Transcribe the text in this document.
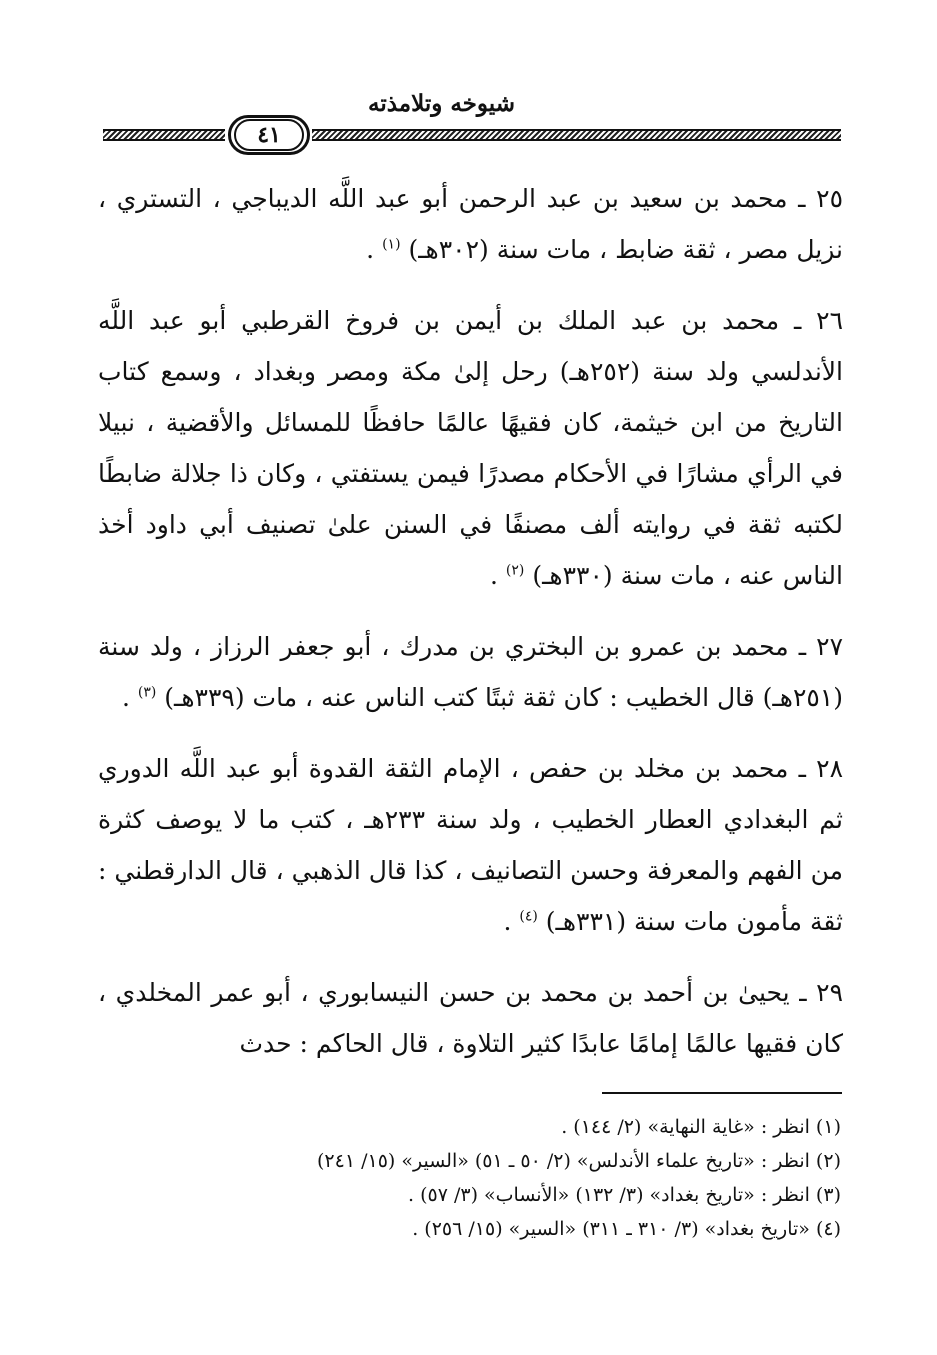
شيوخه وتلامذته
٤١

٢٥ ـ محمد بن سعيد بن عبد الرحمن أبو عبد اللَّه الديباجي ، التستري ، نزيل مصر ، ثقة ضابط ، مات سنة (٣٠٢هـ) $^{(١)}$ .

٢٦ ـ محمد بن عبد الملك بن أيمن بن فروخ القرطبي أبو عبد اللَّه الأندلسي ولد سنة (٢٥٢هـ) رحل إلىٰ مكة ومصر وبغداد ، وسمع كتاب التاريخ من ابن خيثمة، كان فقيهًا عالمًا حافظًا للمسائل والأقضية ، نبيلا في الرأي مشارًا في الأحكام مصدرًا فيمن يستفتي ، وكان ذا جلالة ضابطًا لكتبه ثقة في روايته ألف مصنفًا في السنن علىٰ تصنيف أبي داود أخذ الناس عنه ، مات سنة (٣٣٠هـ) $^{(٢)}$ .

٢٧ ـ محمد بن عمرو بن البختري بن مدرك ، أبو جعفر الرزاز ، ولد سنة (٢٥١هـ) قال الخطيب : كان ثقة ثبتًا كتب الناس عنه ، مات (٣٣٩هـ) $^{(٣)}$ .

٢٨ ـ محمد بن مخلد بن حفص ، الإمام الثقة القدوة أبو عبد اللَّه الدوري ثم البغدادي العطار الخطيب ، ولد سنة ٢٣٣هـ ، كتب ما لا يوصف كثرة من الفهم والمعرفة وحسن التصانيف ، كذا قال الذهبي ، قال الدارقطني : ثقة مأمون مات سنة (٣٣١هـ) $^{(٤)}$ .

٢٩ ـ يحيىٰ بن أحمد بن محمد بن حسن النيسابوري ، أبو عمر المخلدي ، كان فقيها عالمًا إمامًا عابدًا كثير التلاوة ، قال الحاكم : حدث

(١) انظر : «غاية النهاية» (٢/ ١٤٤) .

(٢) انظر : «تاريخ علماء الأندلس» (٢/ ٥٠ ـ ٥١) «السير» (١٥/ ٢٤١)

(٣) انظر : «تاريخ بغداد» (٣/ ١٣٢) «الأنساب» (٣/ ٥٧) .

(٤) «تاريخ بغداد» (٣/ ٣١٠ ـ ٣١١) «السير» (١٥/ ٢٥٦) .
